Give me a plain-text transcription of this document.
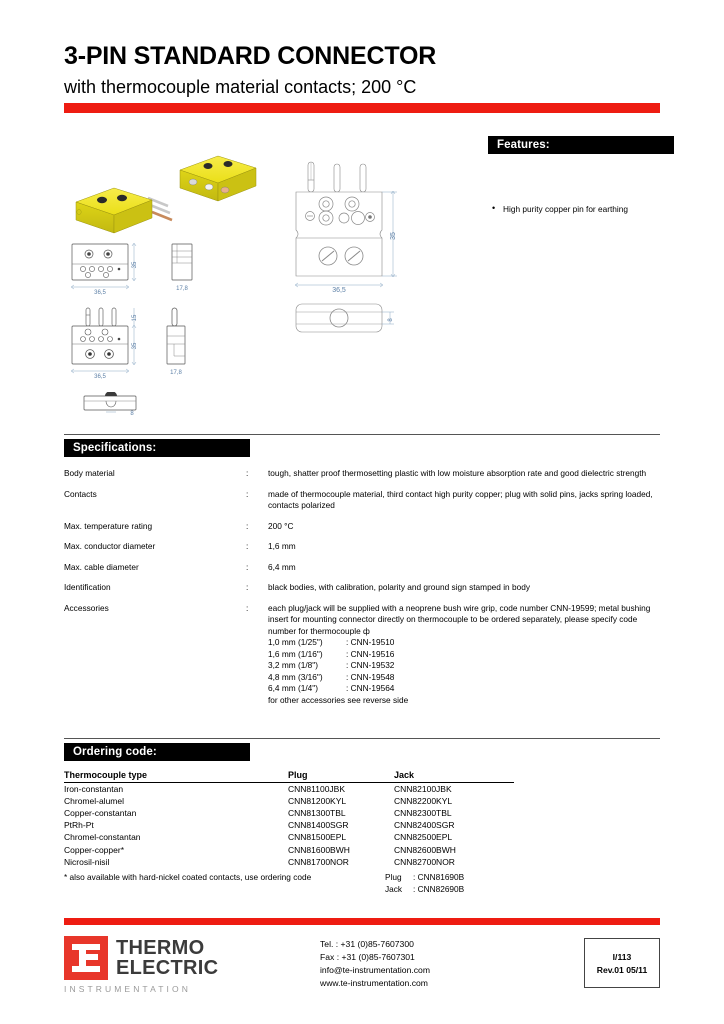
3-PIN STANDARD CONNECTOR
with thermocouple material contacts; 200 °C
Features:
• High purity copper pin for earthing
35
36,5
17,8
15
35
36,5
17,8
8
35
36,5
8
Specifications:
Body material	:	tough, shatter proof thermosetting plastic with low moisture absorption rate and good dielectric strength
Contacts	:	made of thermocouple material, third contact high purity copper; plug with solid pins, jacks spring loaded, contacts polarized
Max. temperature rating	:	200 °C
Max. conductor diameter	:	1,6 mm
Max. cable diameter	:	6,4 mm
Identification	:	black bodies, with calibration, polarity and ground sign stamped in body
Accessories	:	each plug/jack will be supplied with a neoprene bush wire grip, code number CNN-19599; metal bushing insert for mounting connector directly on thermocouple to be ordered separately, please specify code number for thermocouple ф
1,0 mm (1/25")	: CNN-19510
1,6 mm (1/16")	: CNN-19516
3,2 mm (1/8")	: CNN-19532
4,8 mm (3/16")	: CNN-19548
6,4 mm (1/4")	: CNN-19564
for other accessories see reverse side
Ordering code:
Thermocouple type	Plug	Jack
Iron-constantan	CNN81100JBK	CNN82100JBK
Chromel-alumel	CNN81200KYL	CNN82200KYL
Copper-constantan	CNN81300TBL	CNN82300TBL
PtRh-Pt	CNN81400SGR	CNN82400SGR
Chromel-constantan	CNN81500EPL	CNN82500EPL
Copper-copper*	CNN81600BWH	CNN82600BWH
Nicrosil-nisil	CNN81700NOR	CNN82700NOR
* also available with hard-nickel coated contacts, use ordering code	Plug : CNN81690B
Jack : CNN82690B
THERMO
ELECTRIC
INSTRUMENTATION
Tel. : +31 (0)85-7607300
Fax : +31 (0)85-7607301
info@te-instrumentation.com
www.te-instrumentation.com
I/113
Rev.01 05/11
